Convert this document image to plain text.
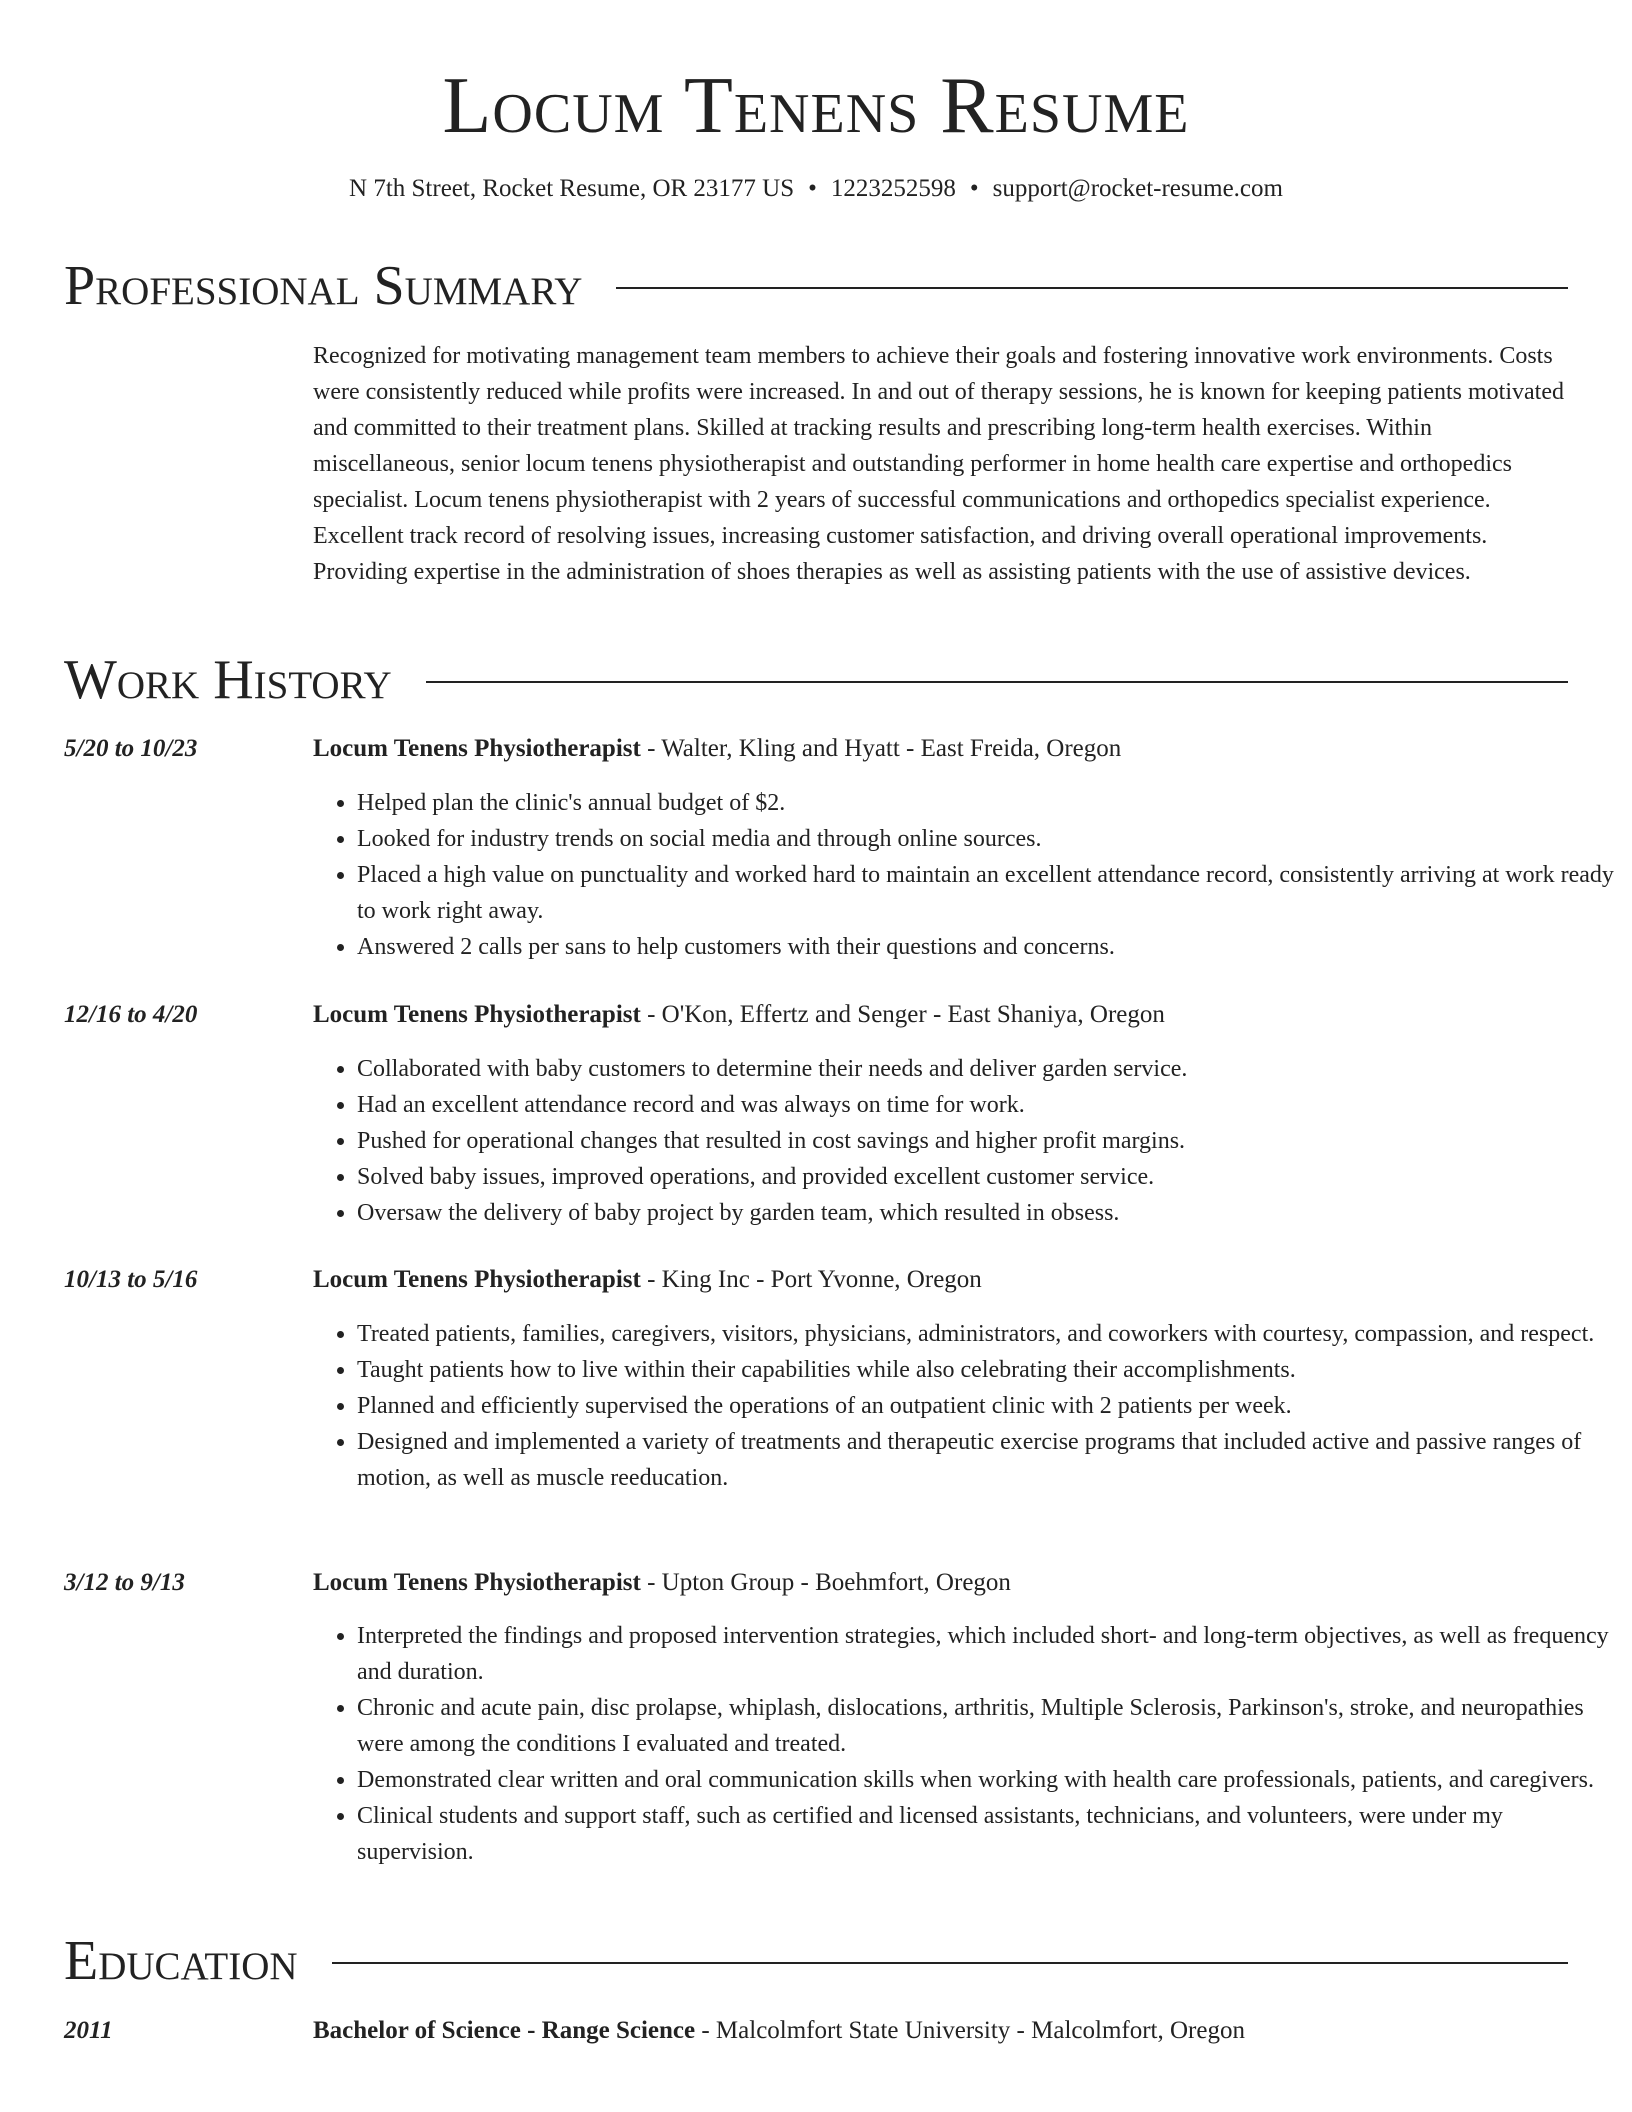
Locum Tenens Resume
N 7th Street, Rocket Resume, OR 23177 US • 1223252598 • support@rocket-resume.com
Professional Summary

Recognized for motivating management team members to achieve their goals and fostering innovative work environments. Costs were consistently reduced while profits were increased. In and out of therapy sessions, he is known for keeping patients motivated and committed to their treatment plans. Skilled at tracking results and prescribing long-term health exercises. Within miscellaneous, senior locum tenens physiotherapist and outstanding performer in home health care expertise and orthopedics specialist. Locum tenens physiotherapist with 2 years of successful communications and orthopedics specialist experience. Excellent track record of resolving issues, increasing customer satisfaction, and driving overall operational improvements. Providing expertise in the administration of shoes therapies as well as assisting patients with the use of assistive devices.

Work History
5/20 to 10/23	Locum Tenens Physiotherapist - Walter, Kling and Hyatt - East Freida, Oregon
• Helped plan the clinic's annual budget of $2.
• Looked for industry trends on social media and through online sources.
• Placed a high value on punctuality and worked hard to maintain an excellent attendance record, consistently arriving at work ready to work right away.
• Answered 2 calls per sans to help customers with their questions and concerns.
12/16 to 4/20	Locum Tenens Physiotherapist - O'Kon, Effertz and Senger - East Shaniya, Oregon
• Collaborated with baby customers to determine their needs and deliver garden service.
• Had an excellent attendance record and was always on time for work.
• Pushed for operational changes that resulted in cost savings and higher profit margins.
• Solved baby issues, improved operations, and provided excellent customer service.
• Oversaw the delivery of baby project by garden team, which resulted in obsess.
10/13 to 5/16	Locum Tenens Physiotherapist - King Inc - Port Yvonne, Oregon
• Treated patients, families, caregivers, visitors, physicians, administrators, and coworkers with courtesy, compassion, and respect.
• Taught patients how to live within their capabilities while also celebrating their accomplishments.
• Planned and efficiently supervised the operations of an outpatient clinic with 2 patients per week.
• Designed and implemented a variety of treatments and therapeutic exercise programs that included active and passive ranges of motion, as well as muscle reeducation.
3/12 to 9/13	Locum Tenens Physiotherapist - Upton Group - Boehmfort, Oregon
• Interpreted the findings and proposed intervention strategies, which included short- and long-term objectives, as well as frequency and duration.
• Chronic and acute pain, disc prolapse, whiplash, dislocations, arthritis, Multiple Sclerosis, Parkinson's, stroke, and neuropathies were among the conditions I evaluated and treated.
• Demonstrated clear written and oral communication skills when working with health care professionals, patients, and caregivers.
• Clinical students and support staff, such as certified and licensed assistants, technicians, and volunteers, were under my supervision.
Education
2011	Bachelor of Science - Range Science - Malcolmfort State University - Malcolmfort, Oregon
